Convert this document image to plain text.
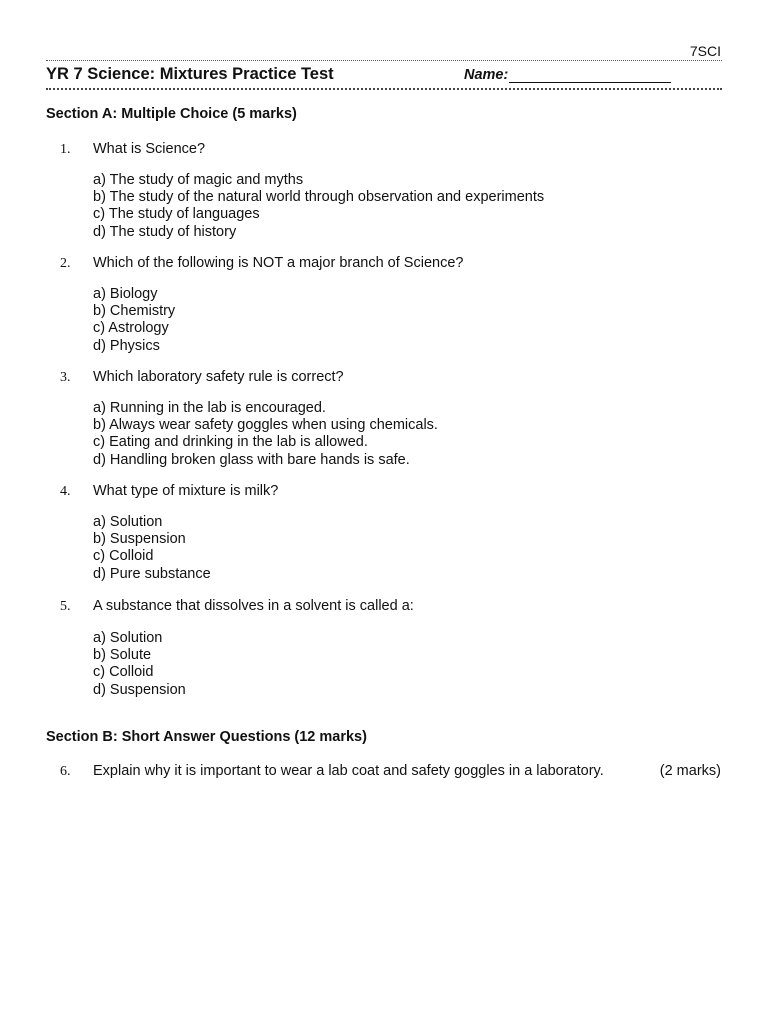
7SCI
YR 7 Science: Mixtures Practice Test	Name:
Section A: Multiple Choice (5 marks)
1. What is Science?
a) The study of magic and myths
b) The study of the natural world through observation and experiments
c) The study of languages
d) The study of history
2. Which of the following is NOT a major branch of Science?
a) Biology
b) Chemistry
c) Astrology
d) Physics
3. Which laboratory safety rule is correct?
a) Running in the lab is encouraged.
b) Always wear safety goggles when using chemicals.
c) Eating and drinking in the lab is allowed.
d) Handling broken glass with bare hands is safe.
4. What type of mixture is milk?
a) Solution
b) Suspension
c) Colloid
d) Pure substance
5. A substance that dissolves in a solvent is called a:
a) Solution
b) Solute
c) Colloid
d) Suspension
Section B: Short Answer Questions (12 marks)
6. Explain why it is important to wear a lab coat and safety goggles in a laboratory.	(2 marks)
